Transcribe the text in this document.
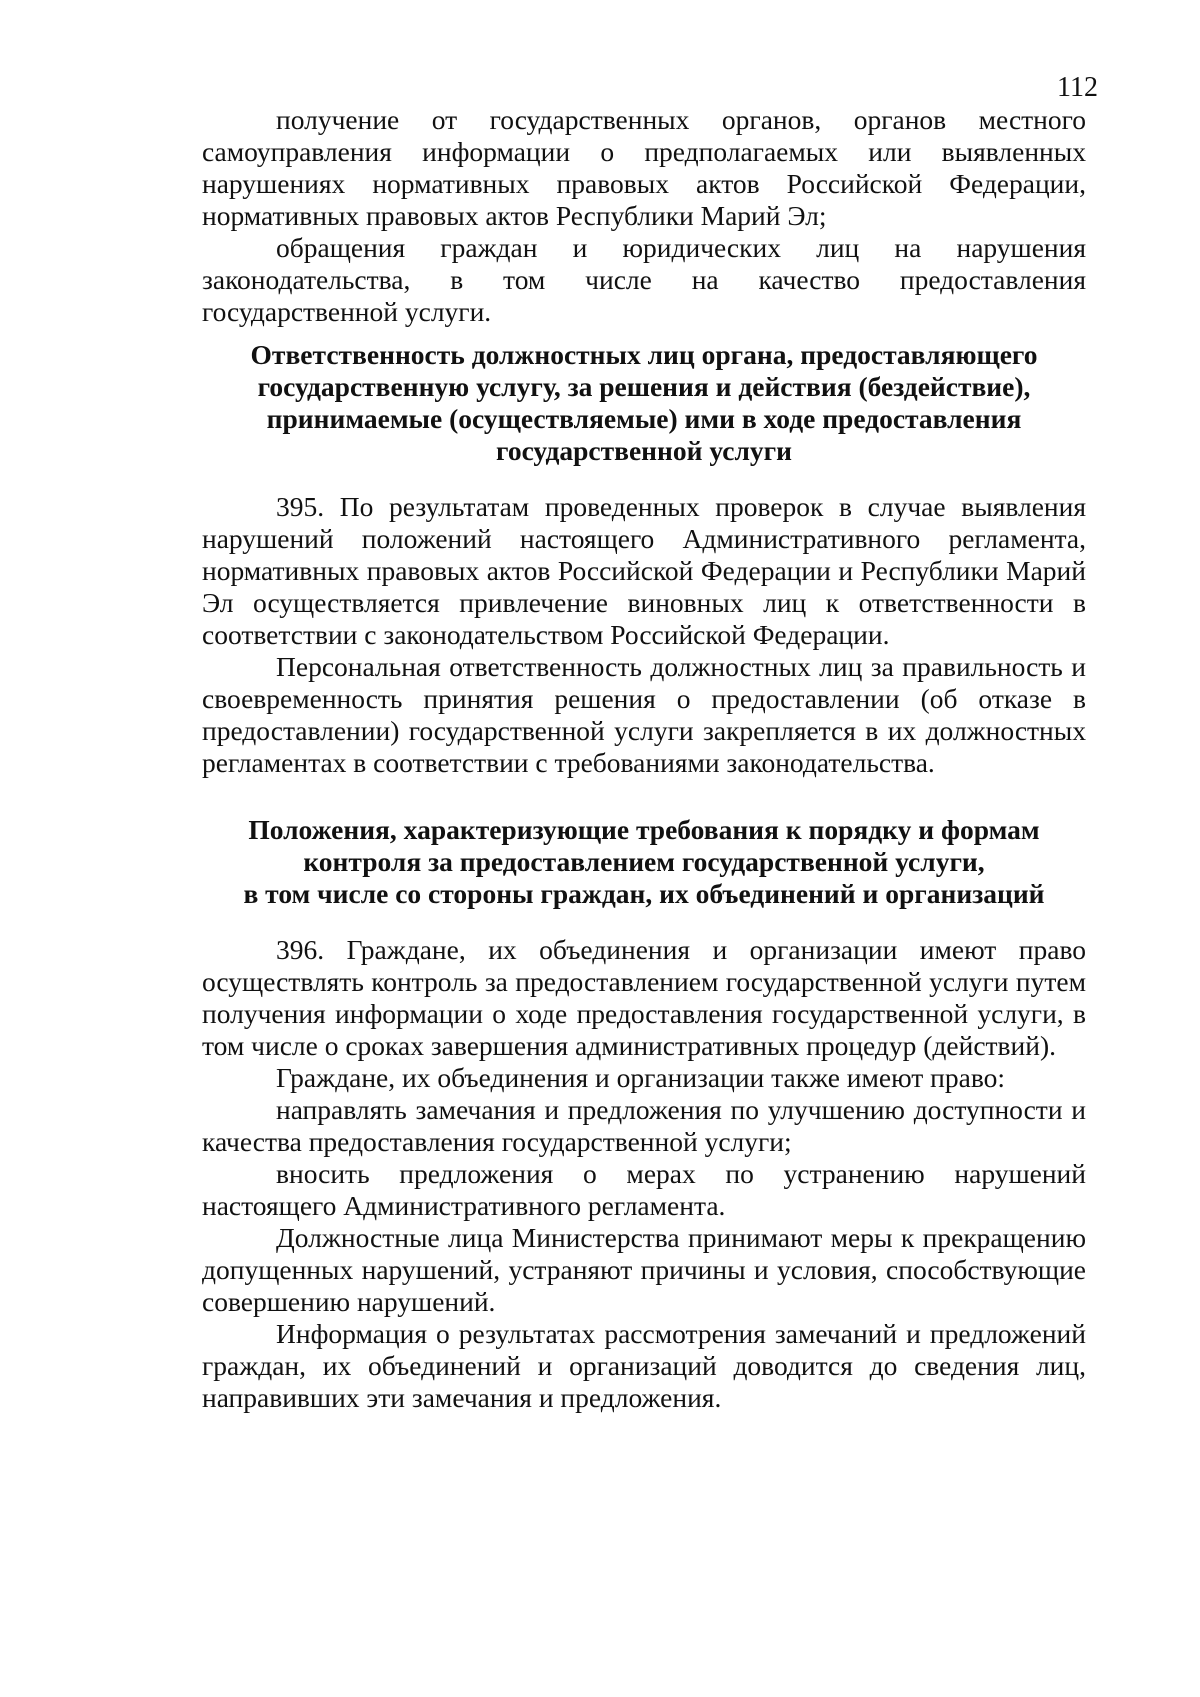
112

получение от государственных органов, органов местного самоуправления информации о предполагаемых или выявленных нарушениях нормативных правовых актов Российской Федерации, нормативных правовых актов Республики Марий Эл;

обращения граждан и юридических лиц на нарушения законодательства, в том числе на качество предоставления государственной услуги.

Ответственность должностных лиц органа, предоставляющего
государственную услугу, за решения и действия (бездействие),
принимаемые (осуществляемые) ими в ходе предоставления
государственной услуги

395. По результатам проведенных проверок в случае выявления нарушений положений настоящего Административного регламента, нормативных правовых актов Российской Федерации и Республики Марий Эл осуществляется привлечение виновных лиц к ответственности в соответствии с законодательством Российской Федерации.

Персональная ответственность должностных лиц за правильность и своевременность принятия решения о предоставлении (об отказе в предоставлении) государственной услуги закрепляется в их должностных регламентах в соответствии с требованиями законодательства.

Положения, характеризующие требования к порядку и формам
контроля за предоставлением государственной услуги,
в том числе со стороны граждан, их объединений и организаций

396. Граждане, их объединения и организации имеют право осуществлять контроль за предоставлением государственной услуги путем получения информации о ходе предоставления государственной услуги, в том числе о сроках завершения административных процедур (действий).

Граждане, их объединения и организации также имеют право:

направлять замечания и предложения по улучшению доступности и качества предоставления государственной услуги;

вносить предложения о мерах по устранению нарушений настоящего Административного регламента.

Должностные лица Министерства принимают меры к прекращению допущенных нарушений, устраняют причины и условия, способствующие совершению нарушений.

Информация о результатах рассмотрения замечаний и предложений граждан, их объединений и организаций доводится до сведения лиц, направивших эти замечания и предложения.
